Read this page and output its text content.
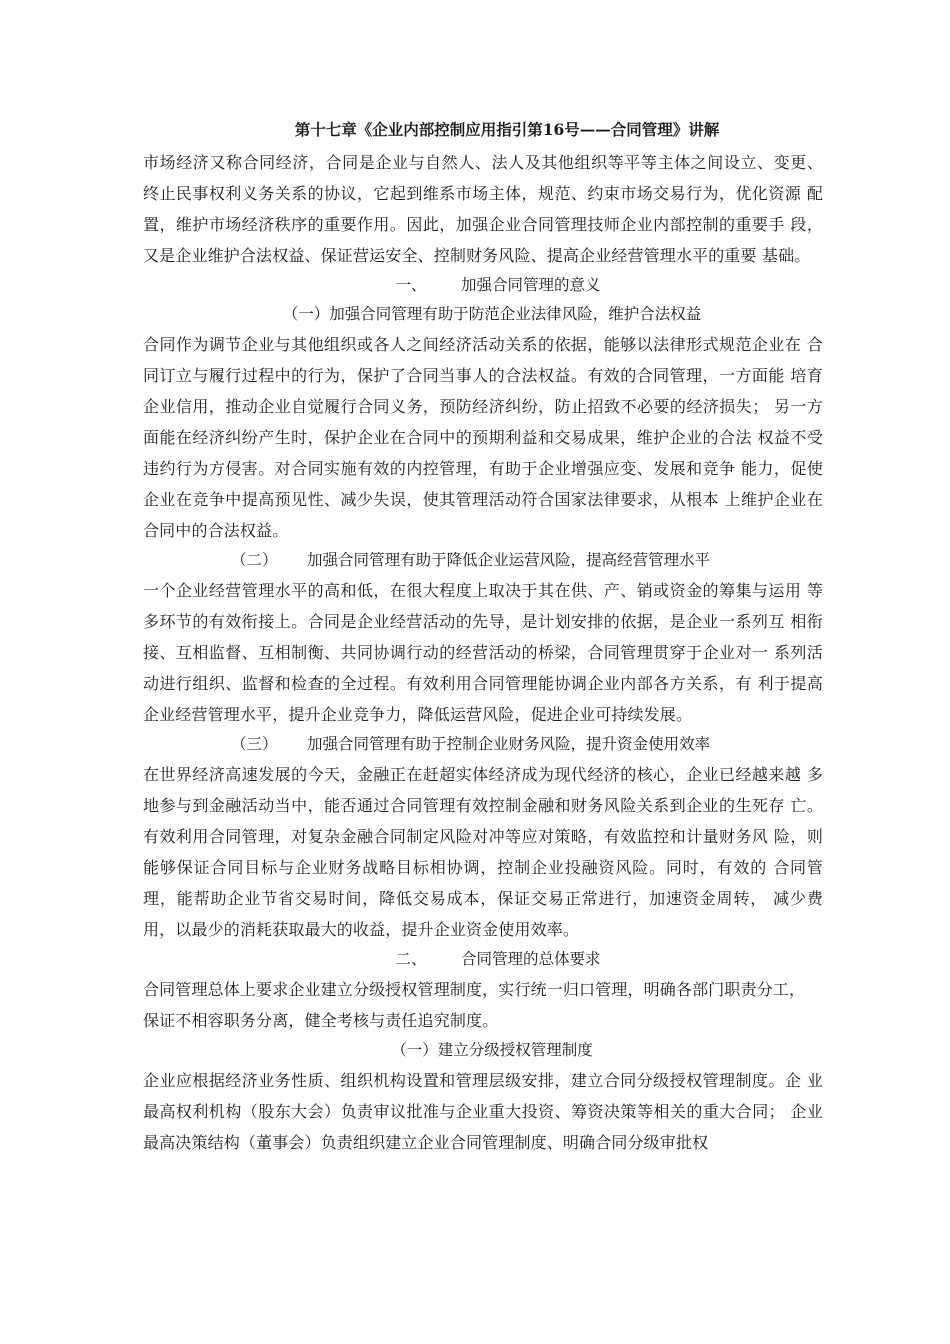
第十七章《企业内部控制应用指引第16号——合同管理》讲解

市场经济又称合同经济，合同是企业与自然人、法人及其他组织等平等主体之间设立、变更、 终止民事权利义务关系的协议，它起到维系市场主体，规范、约束市场交易行为，优化资源 配置，维护市场经济秩序的重要作用。因此，加强企业合同管理技师企业内部控制的重要手 段，又是企业维护合法权益、保证营运安全、控制财务风险、提高企业经营管理水平的重要 基础。

一、       加强合同管理的意义

（一）加强合同管理有助于防范企业法律风险，维护合法权益

合同作为调节企业与其他组织或各人之间经济活动关系的依据，能够以法律形式规范企业在 合同订立与履行过程中的行为，保护了合同当事人的合法权益。有效的合同管理，一方面能 培育企业信用，推动企业自觉履行合同义务，预防经济纠纷，防止招致不必要的经济损失； 另一方面能在经济纠纷产生时，保护企业在合同中的预期利益和交易成果，维护企业的合法 权益不受违约行为方侵害。对合同实施有效的内控管理，有助于企业增强应变、发展和竞争 能力，促使企业在竞争中提高预见性、减少失误，使其管理活动符合国家法律要求，从根本 上维护企业在合同中的合法权益。

（二）      加强合同管理有助于降低企业运营风险，提高经营管理水平

一个企业经营管理水平的高和低，在很大程度上取决于其在供、产、销或资金的筹集与运用 等多环节的有效衔接上。合同是企业经营活动的先导，是计划安排的依据，是企业一系列互 相衔接、互相监督、互相制衡、共同协调行动的经营活动的桥梁，合同管理贯穿于企业对一 系列活动进行组织、监督和检查的全过程。有效利用合同管理能协调企业内部各方关系，有 利于提高企业经营管理水平，提升企业竞争力，降低运营风险，促进企业可持续发展。

（三）      加强合同管理有助于控制企业财务风险，提升资金使用效率

在世界经济高速发展的今天，金融正在赶超实体经济成为现代经济的核心，企业已经越来越 多地参与到金融活动当中，能否通过合同管理有效控制金融和财务风险关系到企业的生死存 亡。有效利用合同管理，对复杂金融合同制定风险对冲等应对策略，有效监控和计量财务风 险，则能够保证合同目标与企业财务战略目标相协调，控制企业投融资风险。同时，有效的 合同管理，能帮助企业节省交易时间，降低交易成本，保证交易正常进行，加速资金周转， 减少费用，以最少的消耗获取最大的收益，提升企业资金使用效率。

二、       合同管理的总体要求

合同管理总体上要求企业建立分级授权管理制度，实行统一归口管理，明确各部门职责分工，
保证不相容职务分离，健全考核与责任追究制度。

（一）建立分级授权管理制度

企业应根据经济业务性质、组织机构设置和管理层级安排，建立合同分级授权管理制度。企 业最高权利机构（股东大会）负责审议批准与企业重大投资、筹资决策等相关的重大合同； 企业最高决策结构（董事会）负责组织建立企业合同管理制度、明确合同分级审批权
